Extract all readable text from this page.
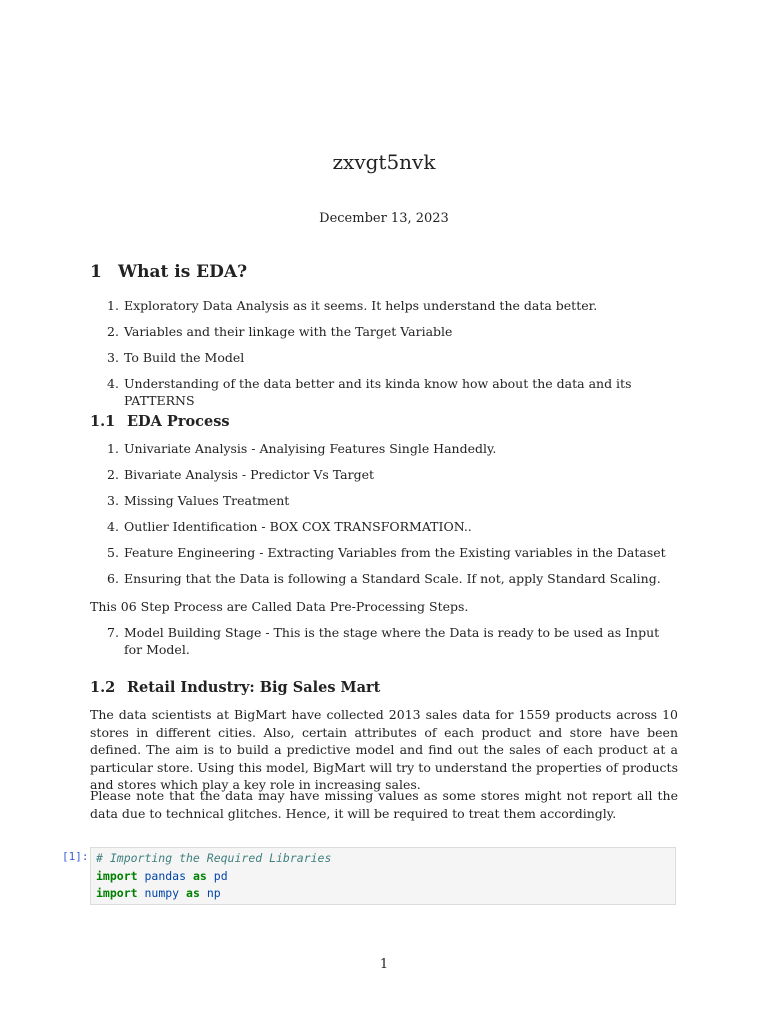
zxvgt5nvk
December 13, 2023
1 What is EDA?
1. Exploratory Data Analysis as it seems. It helps understand the data better.
2. Variables and their linkage with the Target Variable
3. To Build the Model
4. Understanding of the data better and its kinda know how about the data and its PATTERNS
1.1 EDA Process
1. Univariate Analysis - Analyising Features Single Handedly.
2. Bivariate Analysis - Predictor Vs Target
3. Missing Values Treatment
4. Outlier Identification - BOX COX TRANSFORMATION..
5. Feature Engineering - Extracting Variables from the Existing variables in the Dataset
6. Ensuring that the Data is following a Standard Scale. If not, apply Standard Scaling.

This 06 Step Process are Called Data Pre-Processing Steps.

7. Model Building Stage - This is the stage where the Data is ready to be used as Input for Model.
1.2 Retail Industry: Big Sales Mart

The data scientists at BigMart have collected 2013 sales data for 1559 products across 10 stores in different cities. Also, certain attributes of each product and store have been defined. The aim is to build a predictive model and find out the sales of each product at a particular store. Using this model, BigMart will try to understand the properties of products and stores which play a key role in increasing sales.

Please note that the data may have missing values as some stores might not report all the data due to technical glitches. Hence, it will be required to treat them accordingly.

[1]: # Importing the Required Libraries
import pandas as pd
import numpy as np
1
